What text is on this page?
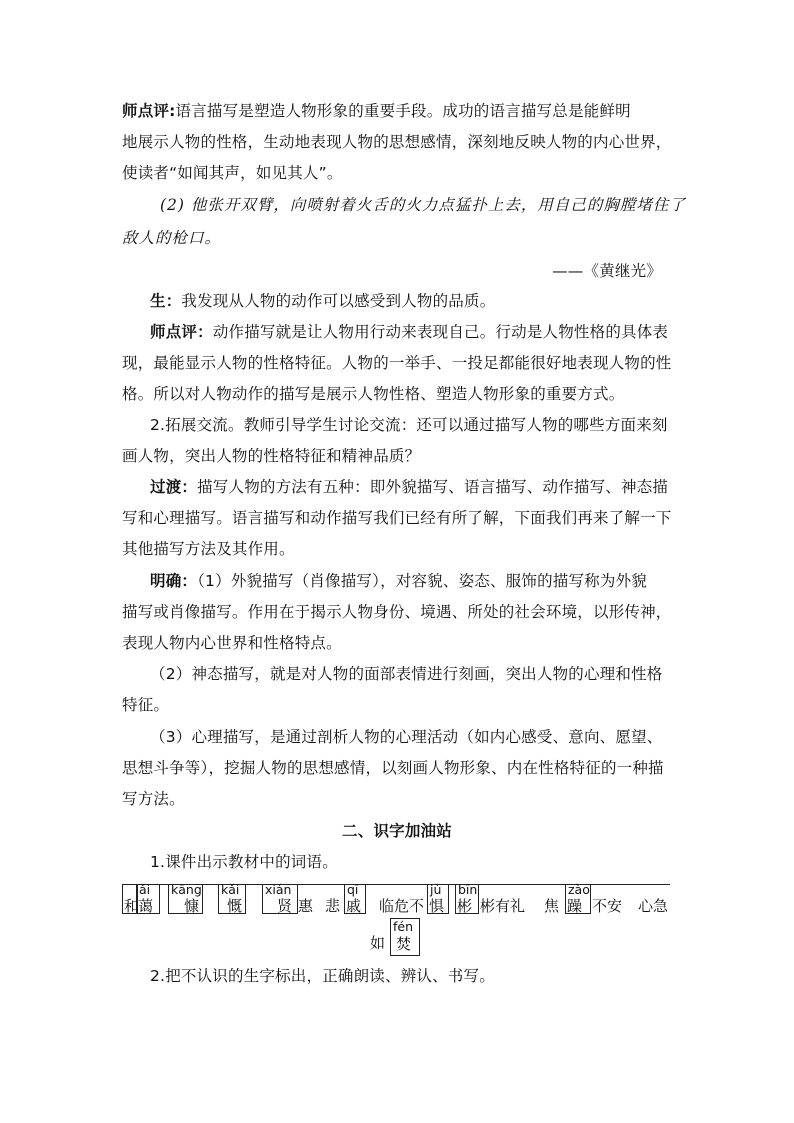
师点评:语言描写是塑造人物形象的重要手段。成功的语言描写总是能鲜明
地展示人物的性格，生动地表现人物的思想感情，深刻地反映人物的内心世界，
使读者“如闻其声，如见其人”。
(2) 他张开双臂，向喷射着火舌的火力点猛扑上去，用自己的胸膛堵住了
敌人的枪口。
——《黄继光》
生：我发现从人物的动作可以感受到人物的品质。
师点评：动作描写就是让人物用行动来表现自己。行动是人物性格的具体表
现，最能显示人物的性格特征。人物的一举手、一投足都能很好地表现人物的性
格。所以对人物动作的描写是展示人物性格、塑造人物形象的重要方式。
2.拓展交流。教师引导学生讨论交流：还可以通过描写人物的哪些方面来刻
画人物，突出人物的性格特征和精神品质？
过渡：描写人物的方法有五种：即外貌描写、语言描写、动作描写、神态描
写和心理描写。语言描写和动作描写我们已经有所了解，下面我们再来了解一下
其他描写方法及其作用。
明确：（1）外貌描写（肖像描写），对容貌、姿态、服饰的描写称为外貌
描写或肖像描写。作用在于揭示人物身份、境遇、所处的社会环境，以形传神，
表现人物内心世界和性格特点。
（2）神态描写，就是对人物的面部表情进行刻画，突出人物的心理和性格
特征。
（3）心理描写，是通过剖析人物的心理活动（如内心感受、意向、愿望、
思想斗争等），挖掘人物的思想感情，以刻画人物形象、内在性格特征的一种描
写方法。
二、识字加油站
1.课件出示教材中的词语。
和
ǎi
蔼
kāng
慷
kǎi
慨
xián
贤 惠 悲
qī
戚 临危不
jù
惧
bīn
彬 彬有礼 焦
zào
躁 不安 心急
如
fén
焚
2.把不认识的生字标出，正确朗读、辨认、书写。
